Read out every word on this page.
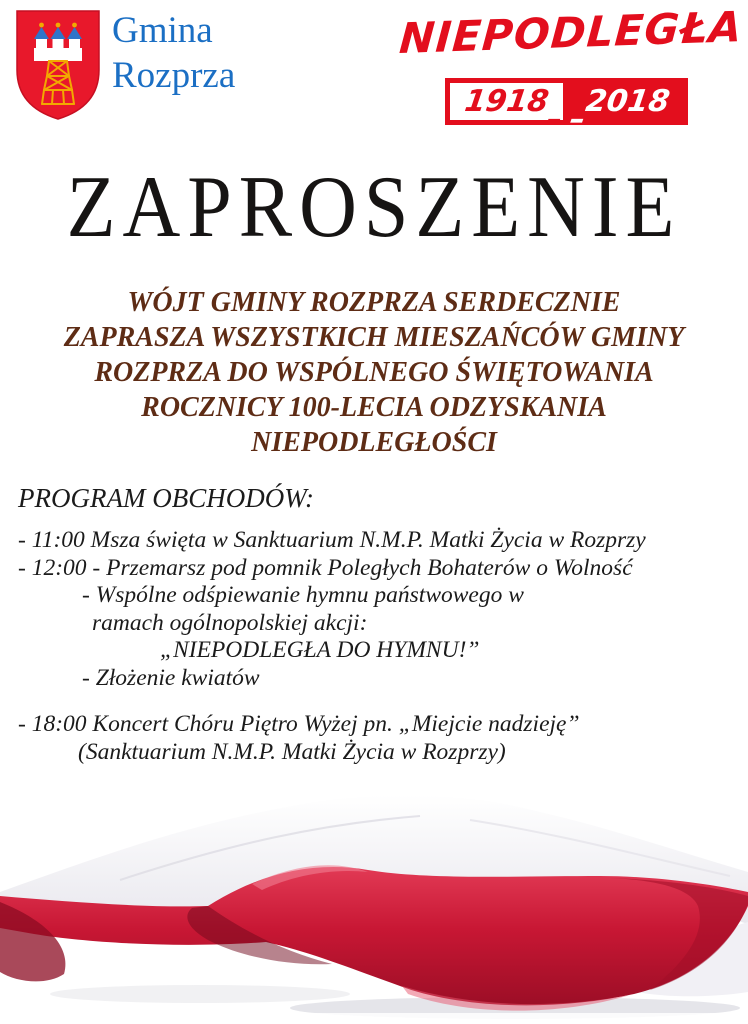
Gmina
Rozprza
NIEPODLEGŁA
1918
– –
2018
ZAPROSZENIE
WÓJT GMINY ROZPRZA SERDECZNIE
ZAPRASZA WSZYSTKICH MIESZAŃCÓW GMINY
ROZPRZA DO WSPÓLNEGO ŚWIĘTOWANIA
ROCZNICY 100-LECIA ODZYSKANIA
NIEPODLEGŁOŚCI
PROGRAM OBCHODÓW:
- 11:00 Msza święta w Sanktuarium N.M.P. Matki Życia w Rozprzy
- 12:00 - Przemarsz pod pomnik Poległych Bohaterów o Wolność
- Wspólne odśpiewanie hymnu państwowego w
ramach ogólnopolskiej akcji:
„NIEPODLEGŁA DO HYMNU!”
- Złożenie kwiatów
- 18:00 Koncert Chóru Piętro Wyżej pn. „Miejcie nadzieję”
(Sanktuarium N.M.P. Matki Życia w Rozprzy)
